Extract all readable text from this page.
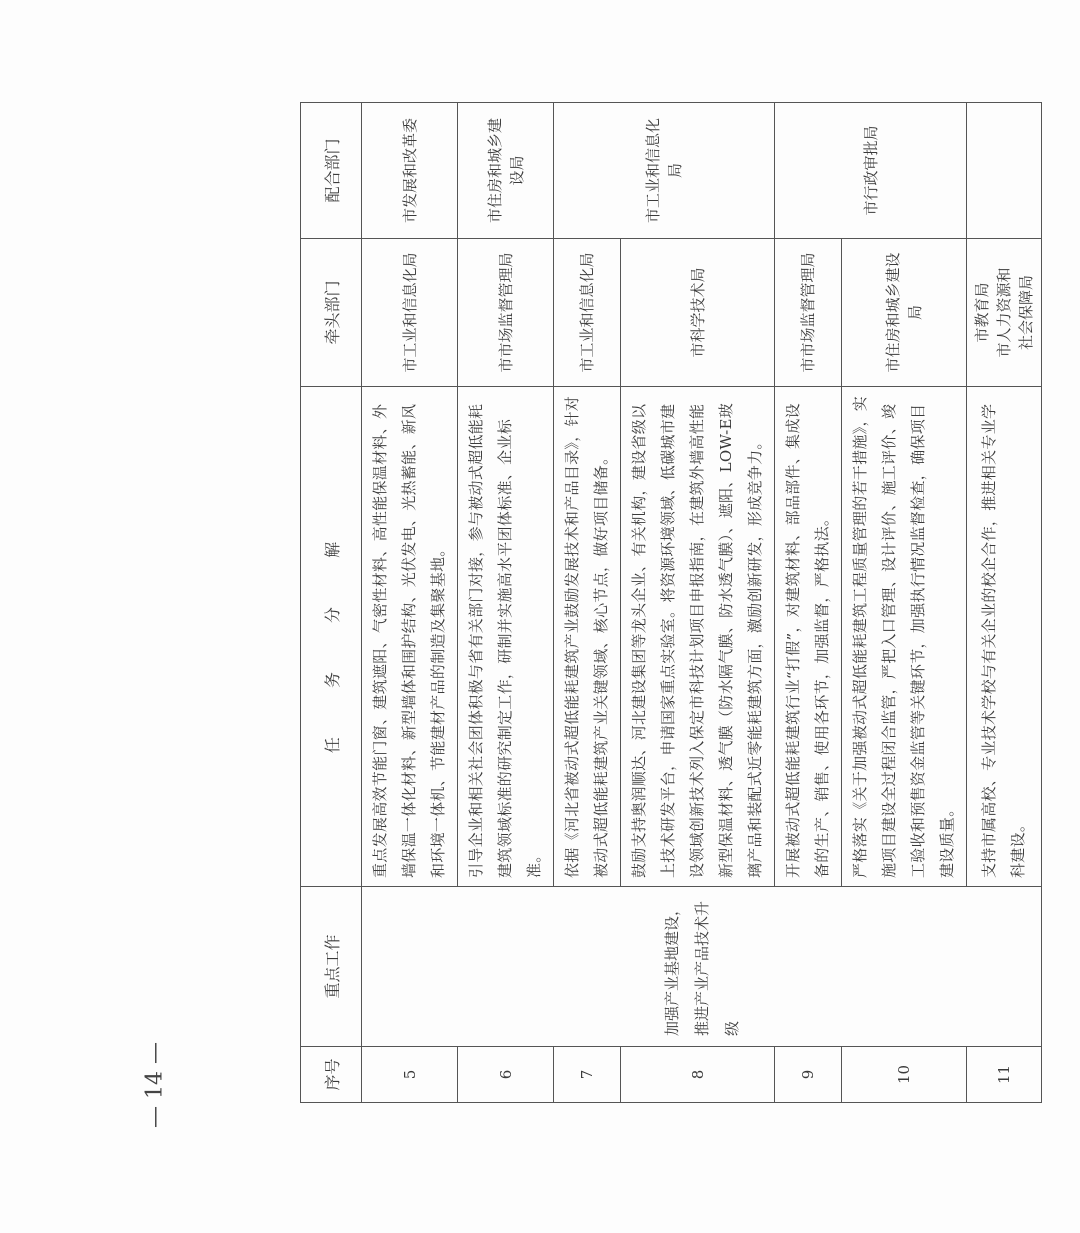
序号	重点工作	任 务 分 解	牵头部门	配合部门
5	加强产业基地建设，推进产业产品技术升级	重点发展高效节能门窗、建筑遮阳、气密性材料、高性能保温材料、外墙保温一体化材料、新型墙体和围护结构、光伏发电、光热蓄能、新风和环境一体机、节能建材产品的制造及集聚基地。	市工业和信息化局	市发展和改革委
6		引导企业和相关社会团体积极与省有关部门对接，参与被动式超低能耗建筑领域标准的研究制定工作，研制并实施高水平团体标准、企业标准。	市市场监督管理局	市住房和城乡建设局
7		依据《河北省被动式超低能耗建筑产业鼓励发展技术和产品目录》，针对被动式超低能耗建筑产业关键领域、核心节点，做好项目储备。	市工业和信息化局	市工业和信息化局
8		鼓励支持奥润顺达、河北建设集团等龙头企业、有关机构，建设省级以上技术研发平台，申请国家重点实验室。将资源环境领域、低碳城市建设领域创新技术列入保定市科技计划项目申报指南，在建筑外墙高性能新型保温材料、透气膜（防水隔气膜、防水透气膜）、遮阳、LOW-E玻璃产品和装配式近零能耗建筑方面，激励创新研发，形成竞争力。	市科学技术局	
9		开展被动式超低能耗建筑行业“打假”，对建筑材料、部品部件、集成设备的生产、销售、使用各环节，加强监督，严格执法。	市市场监督管理局	市行政审批局
10		严格落实《关于加强被动式超低能耗建筑工程质量管理的若干措施》，实施项目建设全过程闭合监管，严把入口管理、设计评价、施工评价、竣工验收和预售资金监管等关键环节，加强执行情况监督检查，确保项目建设质量。	市住房和城乡建设局	
11		支持市属高校、专业技术学校与有关企业的校企合作，推进相关专业学科建设。	市教育局 市人力资源和 社会保障局	

— 14 —
